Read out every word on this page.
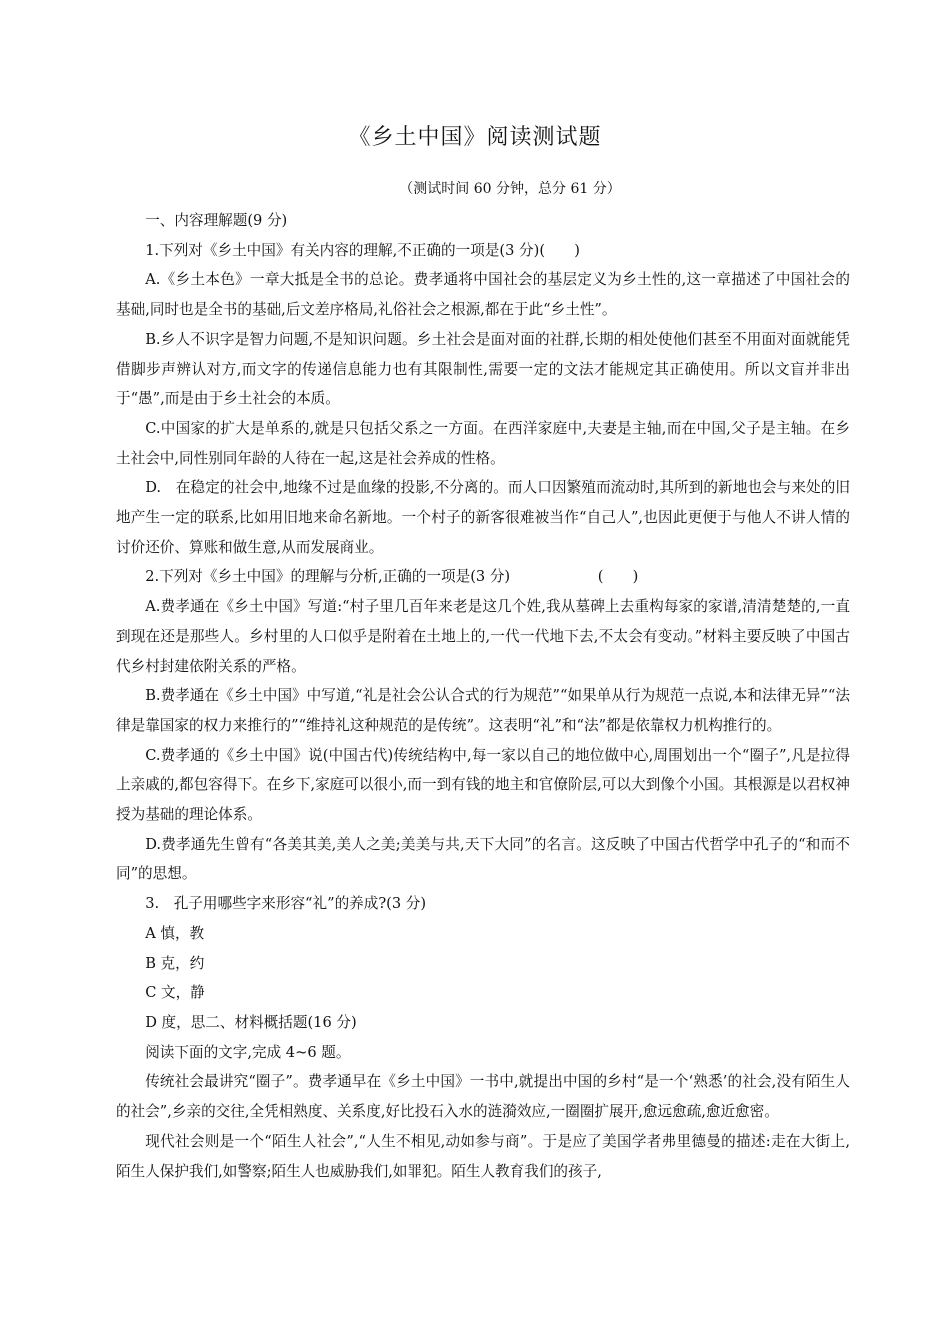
《乡土中国》阅读测试题
（测试时间 60 分钟，总分 61 分）

一、内容理解题(9 分)

1.下列对《乡土中国》有关内容的理解,不正确的一项是(3 分)(　　)

A.《乡土本色》一章大抵是全书的总论。费孝通将中国社会的基层定义为乡土性的,这一章描述了中国社会的基础,同时也是全书的基础,后文差序格局,礼俗社会之根源,都在于此“乡土性”。

B.乡人不识字是智力问题,不是知识问题。乡土社会是面对面的社群,长期的相处使他们甚至不用面对面就能凭借脚步声辨认对方,而文字的传递信息能力也有其限制性,需要一定的文法才能规定其正确使用。所以文盲并非出于“愚”,而是由于乡土社会的本质。

C.中国家的扩大是单系的,就是只包括父系之一方面。在西洋家庭中,夫妻是主轴,而在中国,父子是主轴。在乡土社会中,同性别同年龄的人待在一起,这是社会养成的性格。

D.　在稳定的社会中,地缘不过是血缘的投影,不分离的。而人口因繁殖而流动时,其所到的新地也会与来处的旧地产生一定的联系,比如用旧地来命名新地。一个村子的新客很难被当作“自己人”,也因此更便于与他人不讲人情的讨价还价、算账和做生意,从而发展商业。

2.下列对《乡土中国》的理解与分析,正确的一项是(3 分)　　　　　　(　　)

A.费孝通在《乡土中国》写道:“村子里几百年来老是这几个姓,我从墓碑上去重构每家的家谱,清清楚楚的,一直到现在还是那些人。乡村里的人口似乎是附着在土地上的,一代一代地下去,不太会有变动。”材料主要反映了中国古代乡村封建依附关系的严格。

B.费孝通在《乡土中国》中写道,“礼是社会公认合式的行为规范”“如果单从行为规范一点说,本和法律无异”“法律是靠国家的权力来推行的”“维持礼这种规范的是传统”。这表明“礼”和“法”都是依靠权力机构推行的。

C.费孝通的《乡土中国》说(中国古代)传统结构中,每一家以自己的地位做中心,周围划出一个“圈子”,凡是拉得上亲戚的,都包容得下。在乡下,家庭可以很小,而一到有钱的地主和官僚阶层,可以大到像个小国。其根源是以君权神授为基础的理论体系。

D.费孝通先生曾有“各美其美,美人之美;美美与共,天下大同”的名言。这反映了中国古代哲学中孔子的“和而不同”的思想。

3.　孔子用哪些字来形容“礼”的养成?(3 分)

A 慎，教

B 克，约

C 文，静

D 度，思二、材料概括题(16 分)

阅读下面的文字,完成 4~6 题。

传统社会最讲究“圈子”。费孝通早在《乡土中国》一书中,就提出中国的乡村“是一个‘熟悉’的社会,没有陌生人的社会”,乡亲的交往,全凭相熟度、关系度,好比投石入水的涟漪效应,一圈圈扩展开,愈远愈疏,愈近愈密。

现代社会则是一个“陌生人社会”,“人生不相见,动如参与商”。于是应了美国学者弗里德曼的描述:走在大街上,陌生人保护我们,如警察;陌生人也威胁我们,如罪犯。陌生人教育我们的孩子,
